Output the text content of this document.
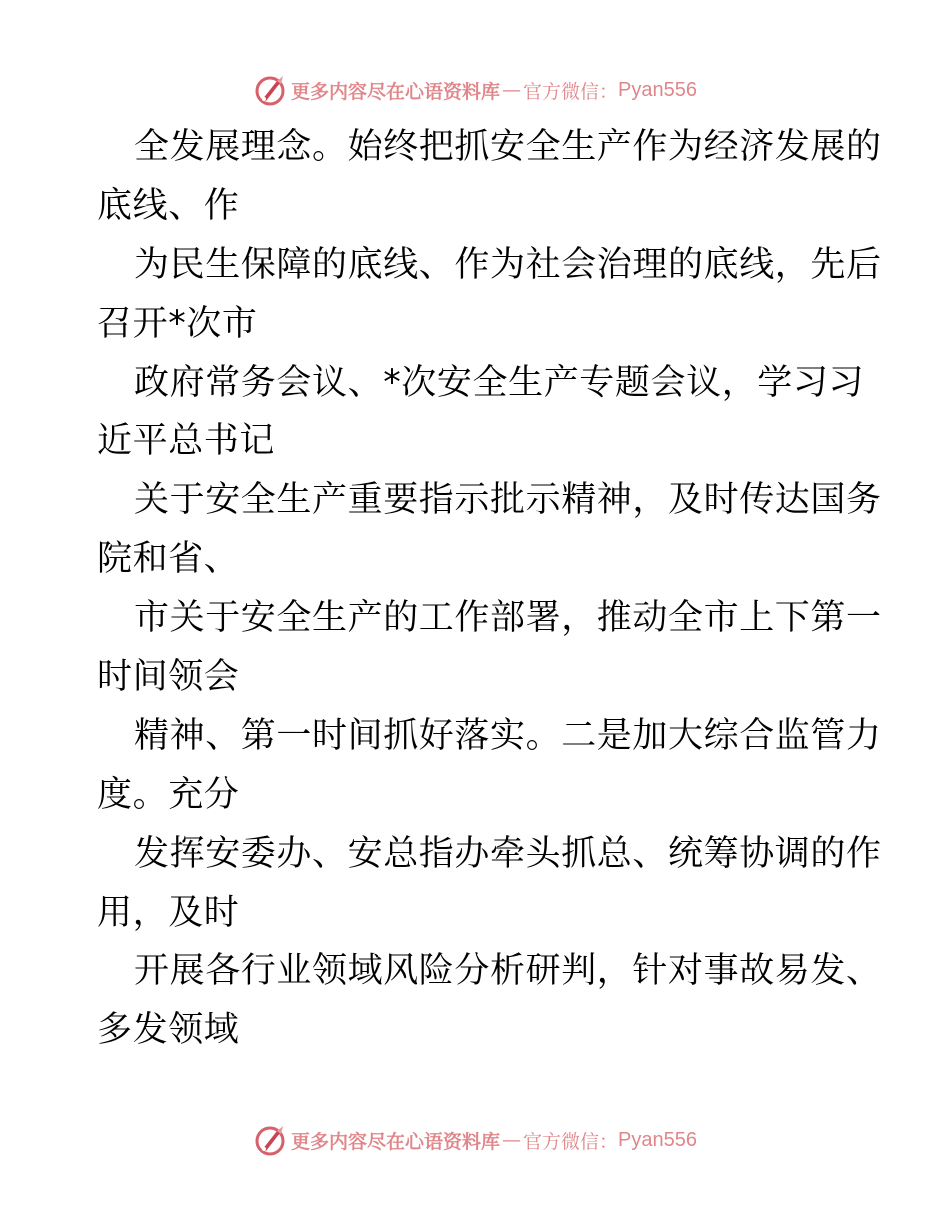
更多内容尽在心语资料库 — 官方微信： Pyan556
全发展理念。始终把抓安全生产作为经济发展的
底线、作
为民生保障的底线、作为社会治理的底线，先后
召开*次市
政府常务会议、*次安全生产专题会议，学习习
近平总书记
关于安全生产重要指示批示精神，及时传达国务
院和省、
市关于安全生产的工作部署，推动全市上下第一
时间领会
精神、第一时间抓好落实。二是加大综合监管力
度。充分
发挥安委办、安总指办牵头抓总、统筹协调的作
用，及时
开展各行业领域风险分析研判，针对事故易发、
多发领域
更多内容尽在心语资料库 — 官方微信： Pyan556
